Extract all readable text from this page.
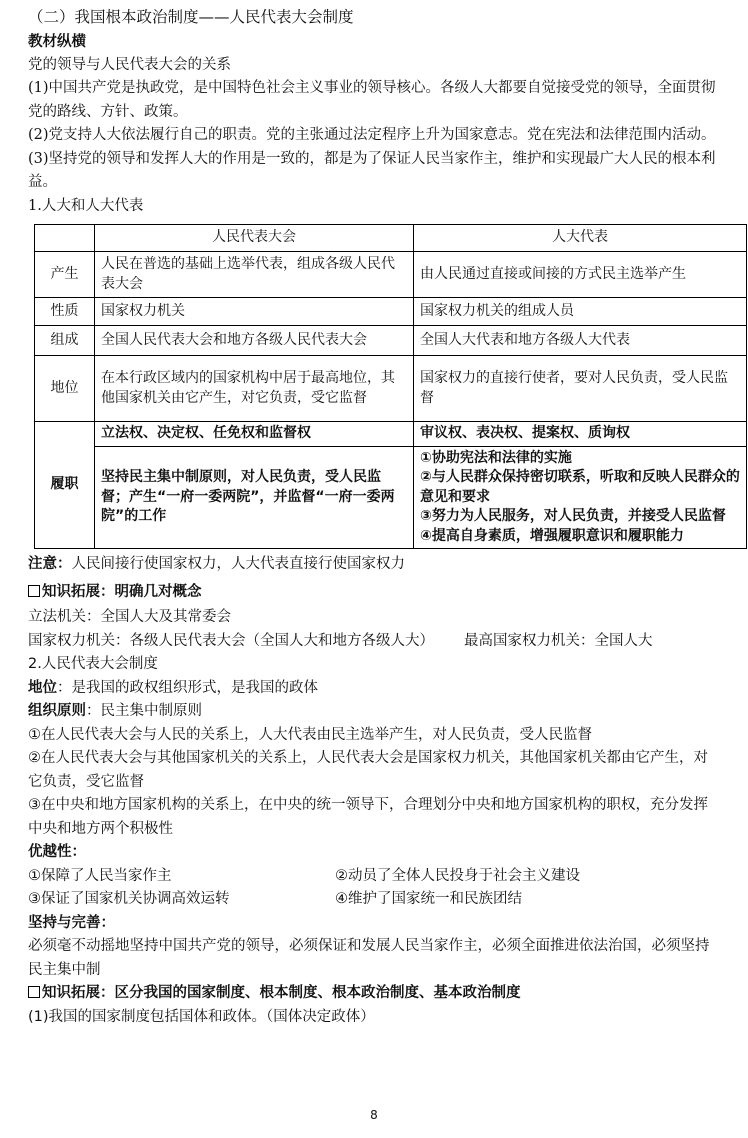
（二）我国根本政治制度——人民代表大会制度
教材纵横
党的领导与人民代表大会的关系
(1)中国共产党是执政党，是中国特色社会主义事业的领导核心。各级人大都要自觉接受党的领导，全面贯彻党的路线、方针、政策。
(2)党支持人大依法履行自己的职责。党的主张通过法定程序上升为国家意志。党在宪法和法律范围内活动。
(3)坚持党的领导和发挥人大的作用是一致的，都是为了保证人民当家作主，维护和实现最广大人民的根本利益。
1.人大和人大代表
	人民代表大会	人大代表
产生	人民在普选的基础上选举代表，组成各级人民代表大会	由人民通过直接或间接的方式民主选举产生
性质	国家权力机关	国家权力机关的组成人员
组成	全国人民代表大会和地方各级人民代表大会	全国人大代表和地方各级人大代表
地位	在本行政区域内的国家机构中居于最高地位，其他国家机关由它产生，对它负责，受它监督	国家权力的直接行使者，要对人民负责，受人民监督
履职	立法权、决定权、任免权和监督权	审议权、表决权、提案权、质询权
	坚持民主集中制原则，对人民负责，受人民监督；产生“一府一委两院”，并监督“一府一委两院”的工作	①协助宪法和法律的实施
②与人民群众保持密切联系，听取和反映人民群众的意见和要求
③努力为人民服务，对人民负责，并接受人民监督
④提高自身素质，增强履职意识和履职能力
注意：人民间接行使国家权力，人大代表直接行使国家权力
知识拓展：明确几对概念
立法机关：全国人大及其常委会
国家权力机关：各级人民代表大会（全国人大和地方各级人大） 最高国家权力机关：全国人大
2.人民代表大会制度
地位：是我国的政权组织形式，是我国的政体
组织原则：民主集中制原则
①在人民代表大会与人民的关系上，人大代表由民主选举产生，对人民负责，受人民监督
②在人民代表大会与其他国家机关的关系上，人民代表大会是国家权力机关，其他国家机关都由它产生，对它负责，受它监督
③在中央和地方国家机构的关系上，在中央的统一领导下，合理划分中央和地方国家机构的职权，充分发挥中央和地方两个积极性
优越性：
①保障了人民当家作主	②动员了全体人民投身于社会主义建设
③保证了国家机关协调高效运转	④维护了国家统一和民族团结
坚持与完善：
必须毫不动摇地坚持中国共产党的领导，必须保证和发展人民当家作主，必须全面推进依法治国，必须坚持民主集中制
知识拓展：区分我国的国家制度、根本制度、根本政治制度、基本政治制度
(1)我国的国家制度包括国体和政体。（国体决定政体）
8
